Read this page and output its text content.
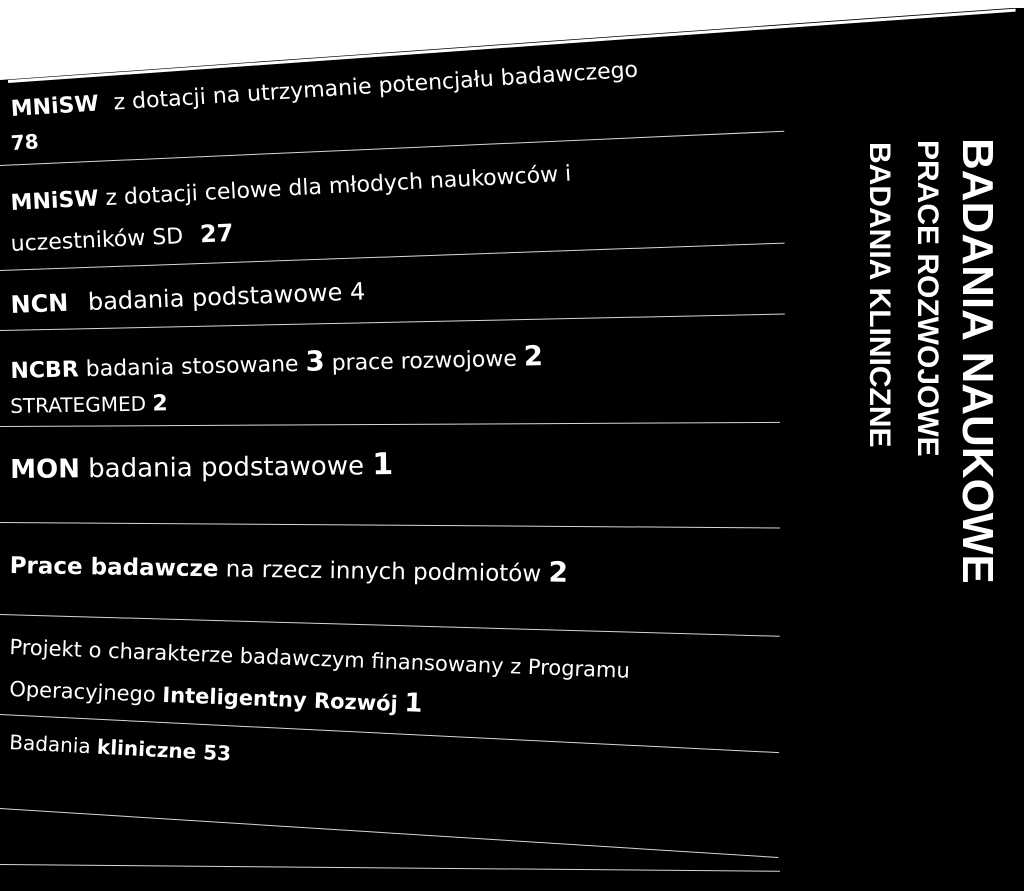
MNiSW z dotacji na utrzymanie potencjału badawczego
78
MNiSW z dotacji celowe dla młodych naukowców i
uczestników SD 27
NCN badania podstawowe 4
NCBR badania stosowane 3 prace rozwojowe 2
STRATEGMED 2
MON badania podstawowe 1
Prace badawcze na rzecz innych podmiotów 2
Projekt o charakterze badawczym finansowany z Programu
Operacyjnego Inteligentny Rozwój 1
Badania kliniczne 53
BADANIA NAUKOWE
PRACE ROZWOJOWE
BADANIA KLINICZNE
